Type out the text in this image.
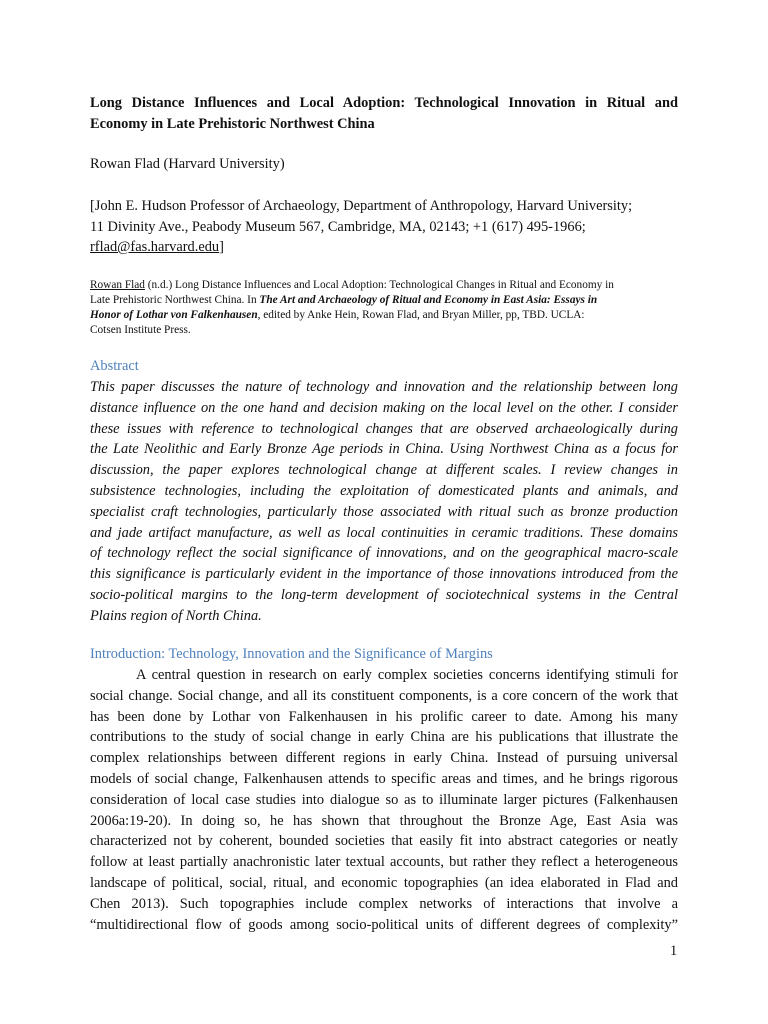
Long Distance Influences and Local Adoption: Technological Innovation in Ritual and
Economy in Late Prehistoric Northwest China
Rowan Flad (Harvard University)
[John E. Hudson Professor of Archaeology, Department of Anthropology, Harvard University;
11 Divinity Ave., Peabody Museum 567, Cambridge, MA, 02143; +1 (617) 495-1966;
rflad@fas.harvard.edu]
Rowan Flad (n.d.) Long Distance Influences and Local Adoption: Technological Changes in Ritual and Economy in
Late Prehistoric Northwest China. In The Art and Archaeology of Ritual and Economy in East Asia: Essays in
Honor of Lothar von Falkenhausen, edited by Anke Hein, Rowan Flad, and Bryan Miller, pp, TBD. UCLA:
Cotsen Institute Press.
Abstract
This paper discusses the nature of technology and innovation and the relationship between long
distance influence on the one hand and decision making on the local level on the other. I consider
these issues with reference to technological changes that are observed archaeologically during
the Late Neolithic and Early Bronze Age periods in China. Using Northwest China as a focus for
discussion, the paper explores technological change at different scales. I review changes in
subsistence technologies, including the exploitation of domesticated plants and animals, and
specialist craft technologies, particularly those associated with ritual such as bronze production
and jade artifact manufacture, as well as local continuities in ceramic traditions. These domains
of technology reflect the social significance of innovations, and on the geographical macro-scale
this significance is particularly evident in the importance of those innovations introduced from the
socio-political margins to the long-term development of sociotechnical systems in the Central
Plains region of North China.
Introduction: Technology, Innovation and the Significance of Margins
A central question in research on early complex societies concerns identifying stimuli for
social change. Social change, and all its constituent components, is a core concern of the work that
has been done by Lothar von Falkenhausen in his prolific career to date. Among his many
contributions to the study of social change in early China are his publications that illustrate the
complex relationships between different regions in early China. Instead of pursuing universal
models of social change, Falkenhausen attends to specific areas and times, and he brings rigorous
consideration of local case studies into dialogue so as to illuminate larger pictures (Falkenhausen
2006a:19-20). In doing so, he has shown that throughout the Bronze Age, East Asia was
characterized not by coherent, bounded societies that easily fit into abstract categories or neatly
follow at least partially anachronistic later textual accounts, but rather they reflect a heterogeneous
landscape of political, social, ritual, and economic topographies (an idea elaborated in Flad and
Chen 2013). Such topographies include complex networks of interactions that involve a
“multidirectional flow of goods among socio-political units of different degrees of complexity”
1
